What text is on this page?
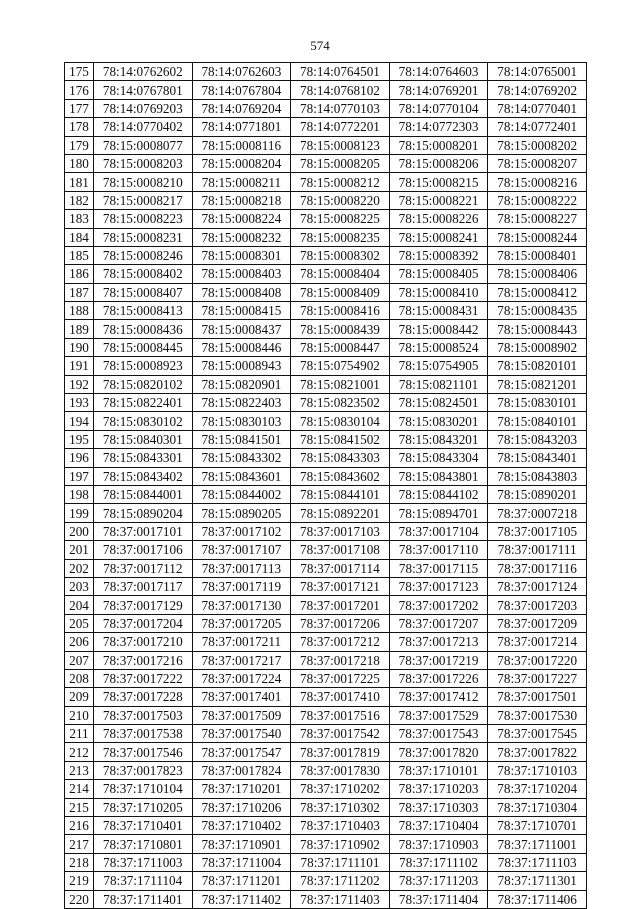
574
175	78:14:0762602	78:14:0762603	78:14:0764501	78:14:0764603	78:14:0765001
176	78:14:0767801	78:14:0767804	78:14:0768102	78:14:0769201	78:14:0769202
177	78:14:0769203	78:14:0769204	78:14:0770103	78:14:0770104	78:14:0770401
178	78:14:0770402	78:14:0771801	78:14:0772201	78:14:0772303	78:14:0772401
179	78:15:0008077	78:15:0008116	78:15:0008123	78:15:0008201	78:15:0008202
180	78:15:0008203	78:15:0008204	78:15:0008205	78:15:0008206	78:15:0008207
181	78:15:0008210	78:15:0008211	78:15:0008212	78:15:0008215	78:15:0008216
182	78:15:0008217	78:15:0008218	78:15:0008220	78:15:0008221	78:15:0008222
183	78:15:0008223	78:15:0008224	78:15:0008225	78:15:0008226	78:15:0008227
184	78:15:0008231	78:15:0008232	78:15:0008235	78:15:0008241	78:15:0008244
185	78:15:0008246	78:15:0008301	78:15:0008302	78:15:0008392	78:15:0008401
186	78:15:0008402	78:15:0008403	78:15:0008404	78:15:0008405	78:15:0008406
187	78:15:0008407	78:15:0008408	78:15:0008409	78:15:0008410	78:15:0008412
188	78:15:0008413	78:15:0008415	78:15:0008416	78:15:0008431	78:15:0008435
189	78:15:0008436	78:15:0008437	78:15:0008439	78:15:0008442	78:15:0008443
190	78:15:0008445	78:15:0008446	78:15:0008447	78:15:0008524	78:15:0008902
191	78:15:0008923	78:15:0008943	78:15:0754902	78:15:0754905	78:15:0820101
192	78:15:0820102	78:15:0820901	78:15:0821001	78:15:0821101	78:15:0821201
193	78:15:0822401	78:15:0822403	78:15:0823502	78:15:0824501	78:15:0830101
194	78:15:0830102	78:15:0830103	78:15:0830104	78:15:0830201	78:15:0840101
195	78:15:0840301	78:15:0841501	78:15:0841502	78:15:0843201	78:15:0843203
196	78:15:0843301	78:15:0843302	78:15:0843303	78:15:0843304	78:15:0843401
197	78:15:0843402	78:15:0843601	78:15:0843602	78:15:0843801	78:15:0843803
198	78:15:0844001	78:15:0844002	78:15:0844101	78:15:0844102	78:15:0890201
199	78:15:0890204	78:15:0890205	78:15:0892201	78:15:0894701	78:37:0007218
200	78:37:0017101	78:37:0017102	78:37:0017103	78:37:0017104	78:37:0017105
201	78:37:0017106	78:37:0017107	78:37:0017108	78:37:0017110	78:37:0017111
202	78:37:0017112	78:37:0017113	78:37:0017114	78:37:0017115	78:37:0017116
203	78:37:0017117	78:37:0017119	78:37:0017121	78:37:0017123	78:37:0017124
204	78:37:0017129	78:37:0017130	78:37:0017201	78:37:0017202	78:37:0017203
205	78:37:0017204	78:37:0017205	78:37:0017206	78:37:0017207	78:37:0017209
206	78:37:0017210	78:37:0017211	78:37:0017212	78:37:0017213	78:37:0017214
207	78:37:0017216	78:37:0017217	78:37:0017218	78:37:0017219	78:37:0017220
208	78:37:0017222	78:37:0017224	78:37:0017225	78:37:0017226	78:37:0017227
209	78:37:0017228	78:37:0017401	78:37:0017410	78:37:0017412	78:37:0017501
210	78:37:0017503	78:37:0017509	78:37:0017516	78:37:0017529	78:37:0017530
211	78:37:0017538	78:37:0017540	78:37:0017542	78:37:0017543	78:37:0017545
212	78:37:0017546	78:37:0017547	78:37:0017819	78:37:0017820	78:37:0017822
213	78:37:0017823	78:37:0017824	78:37:0017830	78:37:1710101	78:37:1710103
214	78:37:1710104	78:37:1710201	78:37:1710202	78:37:1710203	78:37:1710204
215	78:37:1710205	78:37:1710206	78:37:1710302	78:37:1710303	78:37:1710304
216	78:37:1710401	78:37:1710402	78:37:1710403	78:37:1710404	78:37:1710701
217	78:37:1710801	78:37:1710901	78:37:1710902	78:37:1710903	78:37:1711001
218	78:37:1711003	78:37:1711004	78:37:1711101	78:37:1711102	78:37:1711103
219	78:37:1711104	78:37:1711201	78:37:1711202	78:37:1711203	78:37:1711301
220	78:37:1711401	78:37:1711402	78:37:1711403	78:37:1711404	78:37:1711406
